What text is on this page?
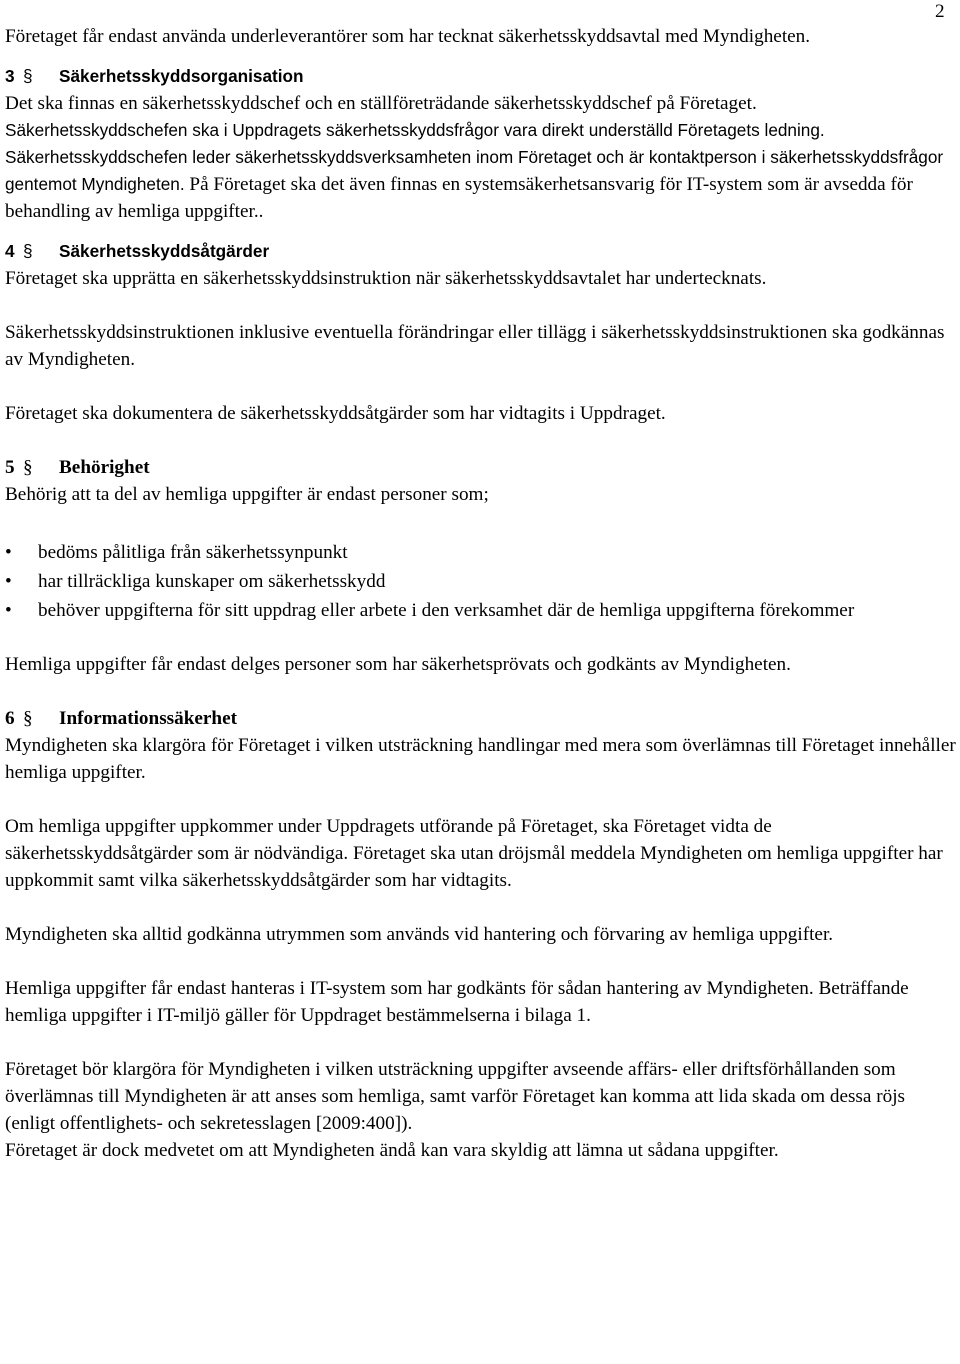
2

Företaget får endast använda underleverantörer som har tecknat säkerhetsskyddsavtal med Myndigheten.

3 §	Säkerhetsskyddsorganisation

Det ska finnas en säkerhetsskyddschef och en ställföreträdande säkerhetsskyddschef på Företaget.

Säkerhetsskyddschefen ska i Uppdragets säkerhetsskyddsfrågor vara direkt underställd Företagets ledning. Säkerhetsskyddschefen leder säkerhetsskyddsverksamheten inom Företaget och är kontaktperson i säkerhetsskyddsfrågor gentemot Myndigheten. På Företaget ska det även finnas en systemsäkerhetsansvarig för IT-system som är avsedda för behandling av hemliga uppgifter..

4 §	Säkerhetsskyddsåtgärder

Företaget ska upprätta en säkerhetsskyddsinstruktion när säkerhetsskyddsavtalet har undertecknats.

Säkerhetsskyddsinstruktionen inklusive eventuella förändringar eller tillägg i säkerhetsskyddsinstruktionen ska godkännas av Myndigheten.

Företaget ska dokumentera de säkerhetsskyddsåtgärder som har vidtagits i Uppdraget.

5 §	Behörighet

Behörig att ta del av hemliga uppgifter är endast personer som;

• bedöms pålitliga från säkerhetssynpunkt
• har tillräckliga kunskaper om säkerhetsskydd
• behöver uppgifterna för sitt uppdrag eller arbete i den verksamhet där de hemliga uppgifterna förekommer

Hemliga uppgifter får endast delges personer som har säkerhetsprövats och godkänts av Myndigheten.

6 §	Informationssäkerhet

Myndigheten ska klargöra för Företaget i vilken utsträckning handlingar med mera som överlämnas till Företaget innehåller hemliga uppgifter.

Om hemliga uppgifter uppkommer under Uppdragets utförande på Företaget, ska Företaget vidta de säkerhetsskyddsåtgärder som är nödvändiga. Företaget ska utan dröjsmål meddela Myndigheten om hemliga uppgifter har uppkommit samt vilka säkerhetsskyddsåtgärder som har vidtagits.

Myndigheten ska alltid godkänna utrymmen som används vid hantering och förvaring av hemliga uppgifter.

Hemliga uppgifter får endast hanteras i IT-system som har godkänts för sådan hantering av Myndigheten. Beträffande hemliga uppgifter i IT-miljö gäller för Uppdraget bestämmelserna i bilaga 1.

Företaget bör klargöra för Myndigheten i vilken utsträckning uppgifter avseende affärs- eller driftsförhållanden som överlämnas till Myndigheten är att anses som hemliga, samt varför Företaget kan komma att lida skada om dessa röjs (enligt offentlighets- och sekretesslagen [2009:400]).

Företaget är dock medvetet om att Myndigheten ändå kan vara skyldig att lämna ut sådana uppgifter.
